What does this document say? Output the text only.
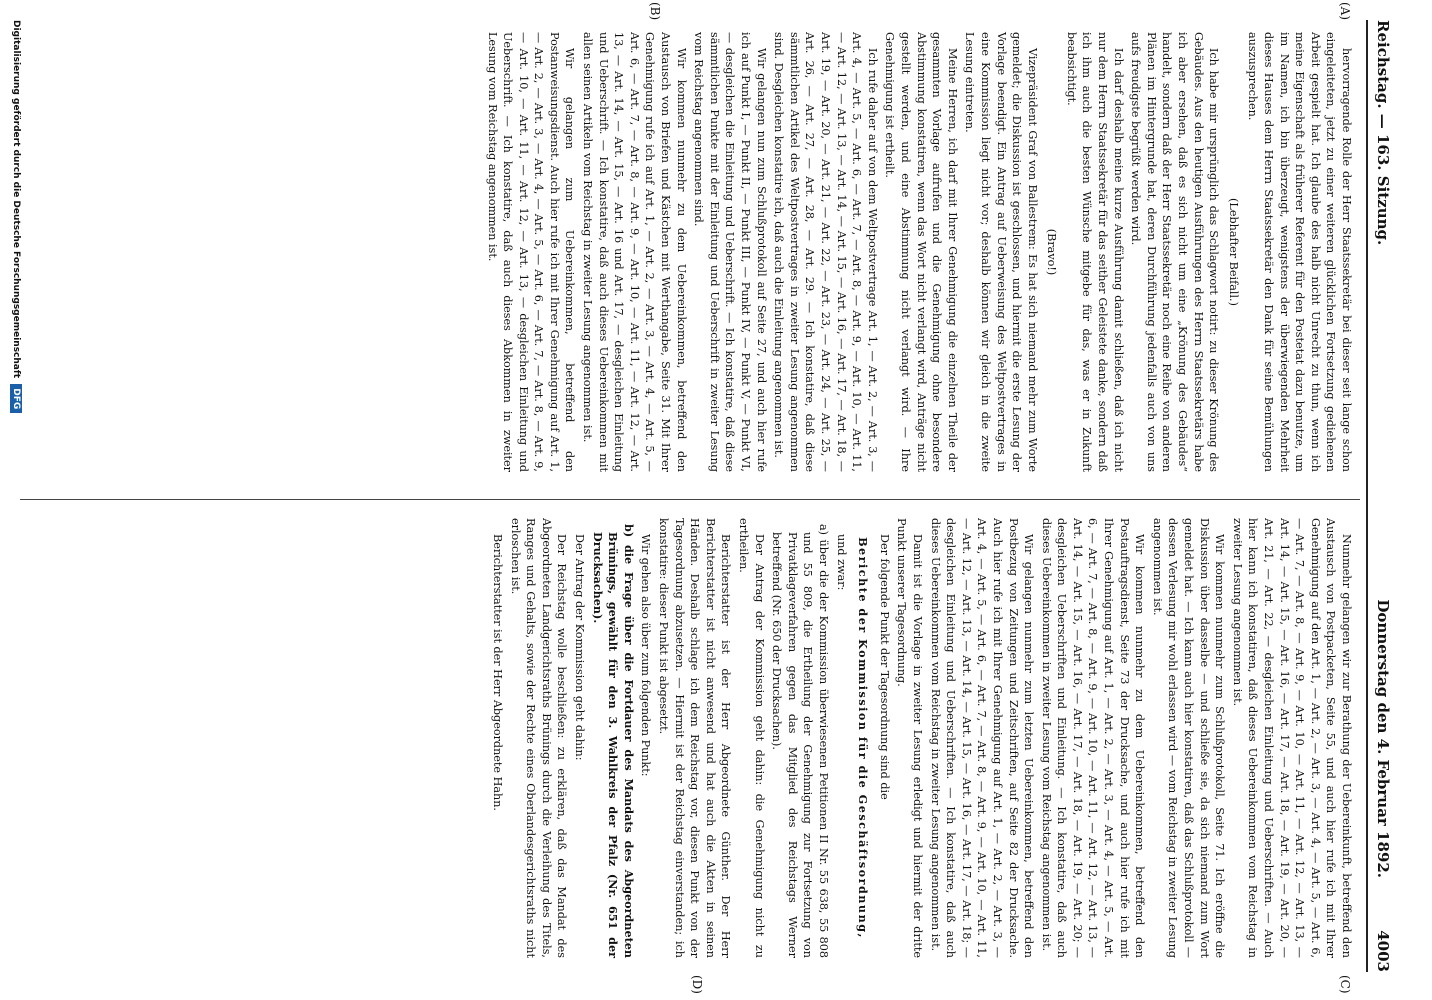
Reichstag. — 163. Sitzung.
Donnerstag den 4. Februar 1892.          4003
(A)
(B)
(C)
(D)

hervorragende Rolle der Herr Staatssekretär bei dieser seit lange schon eingeleiteten, jetzt zu einer weiteren glücklichen Fortsetzung gediehenen Arbeit gespielt hat. Ich glaube des halb nicht Unrecht zu thun, wenn ich meine Eigenschaft als früherer Referent für den Postetat dazu benutze, um im Namen, ich bin überzeugt, wenigstens der überwiegenden Mehrheit dieses Hauses dem Herrn Staatssekretär den Dank für seine Bemühungen auszusprechen.

(Lebhafter Beifall.)

Ich habe mir ursprünglich das Schlagwort notirt: zu dieser Krönung des Gebäudes. Aus den heutigen Ausführungen des Herrn Staatssekretärs habe ich aber ersehen, daß es sich nicht um eine „Krönung des Gebäudes“ handelt, sondern daß der Herr Staatssekretär noch eine Reihe von anderen Plänen im Hintergrunde hat, deren Durchführung jedenfalls auch von uns aufs freudigste begrüßt werden wird.

Ich darf deshalb meine kurze Ausführung damit schließen, daß ich nicht nur dem Herrn Staatssekretär für das seither Geleistete danke, sondern daß ich ihm auch die besten Wünsche mitgebe für das, was er in Zukunft beabsichtigt.

(Bravo!)

Vizepräsident Graf von Ballestrem: Es hat sich niemand mehr zum Worte gemeldet; die Diskussion ist geschlossen, und hiermit die erste Lesung der Vorlage beendigt. Ein Antrag auf Ueberweisung des Weltpostvertrages in eine Kommission liegt nicht vor; deshalb können wir gleich in die zweite Lesung eintreten.

Meine Herren, ich darf mit Ihrer Genehmigung die einzelnen Theile der gesammten Vorlage aufrufen und die Genehmigung ohne besondere Abstimmung konstatiren, wenn das Wort nicht verlangt wird, Anträge nicht gestellt werden, und eine Abstimmung nicht verlangt wird. — Ihre Genehmigung ist ertheilt.

Ich rufe daher auf von dem Weltpostvertrage Art. 1, — Art. 2, — Art. 3, — Art. 4, — Art. 5, — Art. 6, — Art. 7, — Art. 8, — Art. 9, — Art. 10, — Art. 11, — Art. 12, — Art. 13, — Art. 14, — Art. 15, — Art. 16, — Art. 17, — Art. 18, — Art. 19, — Art. 20, — Art. 21, — Art. 22, — Art. 23, — Art. 24, — Art. 25, — Art. 26, — Art. 27, — Art. 28, — Art. 29. — Ich konstatire, daß diese sämmtlichen Artikel des Weltpostvertrages in zweiter Lesung angenommen sind. Desgleichen konstatire ich, daß auch die Einleitung angenommen ist.

Wir gelangen nun zum Schlußprotokoll auf Seite 27, und auch hier rufe ich auf Punkt I, — Punkt II, — Punkt III, — Punkt IV, — Punkt V, — Punkt VI, — desgleichen die Einleitung und Ueberschrift. — Ich konstatire, daß diese sämmtlichen Punkte mit der Einleitung und Ueberschrift in zweiter Lesung vom Reichstag angenommen sind.

Wir kommen nunmehr zu dem Uebereinkommen, betreffend den Austausch von Briefen und Kästchen mit Werthangabe, Seite 31. Mit Ihrer Genehmigung rufe ich auf Art. 1, — Art. 2, — Art. 3, — Art. 4, — Art. 5, — Art. 6, — Art. 7, — Art. 8, — Art. 9, — Art. 10, — Art. 11, — Art. 12, — Art. 13, — Art. 14, — Art. 15, — Art. 16 und Art. 17, — desgleichen Einleitung und Ueberschrift. — Ich konstatire, daß auch dieses Uebereinkommen mit allen seinen Artikeln vom Reichstag in zweiter Lesung angenommen ist.

Wir gelangen zum Uebereinkommen, betreffend den Postanweisungsdienst. Auch hier rufe ich mit Ihrer Genehmigung auf Art. 1, — Art. 2, — Art. 3, — Art. 4, — Art. 5, — Art. 6, — Art. 7, — Art. 8, — Art. 9, — Art. 10, — Art. 11, — Art. 12, — Art. 13, — desgleichen Einleitung und Ueberschrift. — Ich konstatire, daß auch dieses Abkommen in zweiter Lesung vom Reichstag angenommen ist.

Nunmehr gelangen wir zur Berathung der Uebereinkunft, betreffend den Austausch von Postpacketen, Seite 55, und auch hier rufe ich mit Ihrer Genehmigung auf den Art. 1, — Art. 2, — Art. 3, — Art. 4, — Art. 5, — Art. 6, — Art. 7, — Art. 8, — Art. 9, — Art. 10, — Art. 11, — Art. 12, — Art. 13, — Art. 14, — Art. 15, — Art. 16, — Art. 17, — Art. 18, — Art. 19, — Art. 20, — Art. 21, — Art. 22, — desgleichen Einleitung und Ueberschriften. — Auch hier kann ich konstatiren, daß dieses Uebereinkommen vom Reichstag in zweiter Lesung angenommen ist.

Wir kommen nunmehr zum Schlußprotokoll, Seite 71. Ich eröffne die Diskussion über dasselbe — und schließe sie, da sich niemand zum Wort gemeldet hat. — Ich kann auch hier konstatiren, daß das Schlußprotokoll — dessen Verlesung mir wohl erlassen wird — vom Reichstag in zweiter Lesung angenommen ist.

Wir kommen nunmehr zu dem Uebereinkommen, betreffend den Postauftragsdienst, Seite 73 der Drucksache, und auch hier rufe ich mit Ihrer Genehmigung auf Art. 1, — Art. 2, — Art. 3, — Art. 4, — Art. 5, — Art. 6, — Art. 7, — Art. 8, — Art. 9, — Art. 10, — Art. 11, — Art. 12, — Art. 13, — Art. 14, — Art. 15, — Art. 16, — Art. 17, — Art. 18, — Art. 19, — Art. 20; — desgleichen Ueberschriften und Einleitung. — Ich konstatire, daß auch dieses Uebereinkommen in zweiter Lesung vom Reichstag angenommen ist.

Wir gelangen nunmehr zum letzten Uebereinkommen, betreffend den Postbezug von Zeitungen und Zeitschriften, auf Seite 82 der Drucksache. Auch hier rufe ich mit Ihrer Genehmigung auf Art. 1, — Art. 2, — Art. 3, — Art. 4, — Art. 5, — Art. 6, — Art. 7, — Art. 8, — Art. 9, — Art. 10, — Art. 11, — Art. 12, — Art. 13, — Art. 14, — Art. 15, — Art. 16, — Art. 17, — Art. 18; — desgleichen Einleitung und Ueberschriften. — Ich konstatire, daß auch dieses Uebereinkommen vom Reichstag in zweiter Lesung angenommen ist.

Damit ist die Vorlage in zweiter Lesung erledigt und hiermit der dritte Punkt unserer Tagesordnung.

Der folgende Punkt der Tagesordnung sind die

Berichte der Kommission für die Geschäftsordnung,

und zwar:

a) über die der Kommission überwiesenen Petitionen II Nr. 55 638, 55 808 und 55 809, die Ertheilung der Genehmigung zur Fortsetzung von Privatklageverfahren gegen das Mitglied des Reichstags Werner betreffend (Nr. 650 der Drucksachen).

Der Antrag der Kommission geht dahin: die Genehmigung nicht zu ertheilen.

Berichterstatter ist der Herr Abgeordnete Günther. Der Herr Berichterstatter ist nicht anwesend und hat auch die Akten in seinen Händen. Deshalb schlage ich dem Reichstag vor, diesen Punkt von der Tagesordnung abzusetzen. — Hiermit ist der Reichstag einverstanden; ich konstatire: dieser Punkt ist abgesetzt.

Wir gehen also über zum folgenden Punkt:

b) die Frage über die Fortdauer des Mandats des Abgeordneten Brünings, gewählt für den 3. Wahlkreis der Pfalz (Nr. 651 der Drucksachen).

Der Antrag der Kommission geht dahin:

Der Reichstag wolle beschließen: zu erklären, daß das Mandat des Abgeordneten Landgerichtsraths Brünings durch die Verleihung des Titels, Ranges und Gehalts, sowie der Rechte eines Oberlandesgerichtsraths nicht erloschen ist.

Berichterstatter ist der Herr Abgeordnete Hahn.

Digitalisierung gefördert durch die Deutsche Forschungsgemeinschaft DFG
